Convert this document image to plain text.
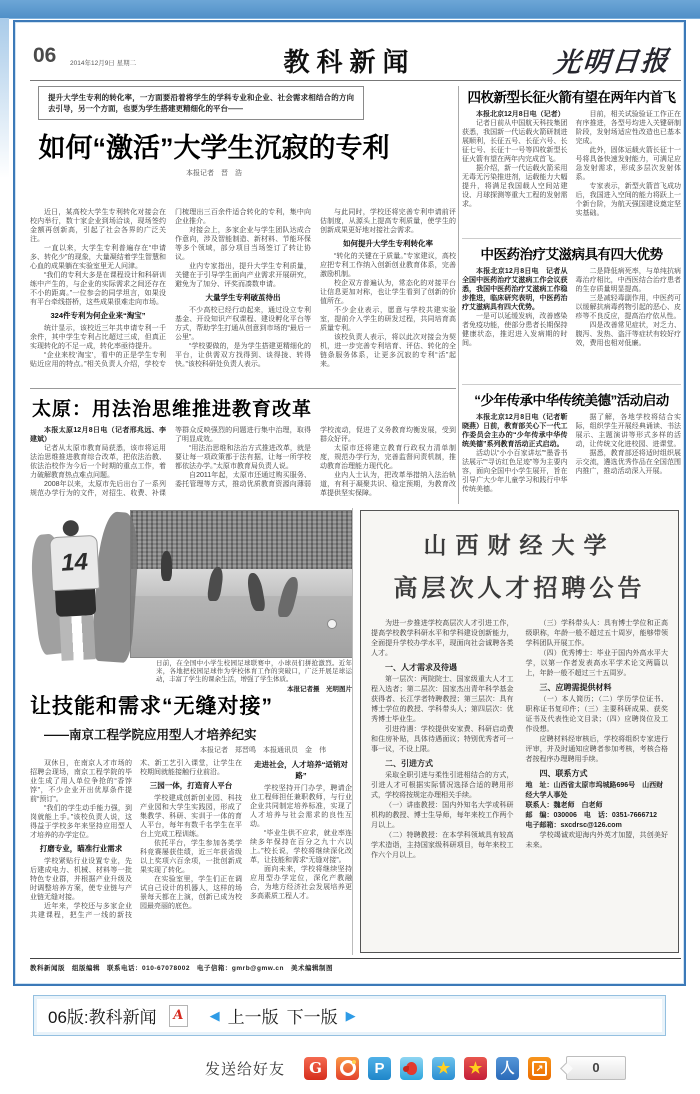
06 2014年12月9日 星期二	教科新闻	光明日报
提升大学生专利的转化率，一方面要沿着将学生的学科专业和企业、社会需求相结合的方向去引导，另一个方面，也要为学生搭建更精细化的平台——
如何“激活”大学生沉寂的专利
本报记者　晋　浩
近日，某高校大学生专利转化对接会在校内举行，数十家企业到场洽谈，现场签约金额再创新高，引起了社会各界的广泛关注。
一直以来，大学生专利普遍存在“申请多、转化少”的现象，大量凝结着学生智慧和心血的成果躺在实验室里无人问津。
“我们的专利大多是在课程设计和科研训练中产生的，与企业的实际需求之间还存在不小的距离。”一位参会的同学坦言，如果没有平台牵线搭桥，这些成果很难走向市场。
324件专利为何企业来“淘宝”
统计显示，该校近三年共申请专利一千余件，其中学生专利占比超过三成，但真正实现转化的不足一成，转化率亟待提升。
“企业来校‘淘宝’，看中的正是学生专利贴近应用的特点。”相关负责人介绍，学校专门梳理出三百余件适合转化的专利，集中向企业推介。
对接会上，多家企业与学生团队达成合作意向，涉及智能制造、新材料、节能环保等多个领域，部分项目当场签订了转让协议。
业内专家指出，提升大学生专利质量，关键在于引导学生面向产业需求开展研究，避免为了加分、评奖而凑数申请。
大量学生专利破茧待出
不少高校已经行动起来，通过设立专利基金、开设知识产权课程、建设孵化平台等方式，帮助学生打通从创意到市场的“最后一公里”。
“学校要做的，是为学生搭建更精细化的平台，让供需双方找得到、谈得拢、转得快。”该校科研处负责人表示。
与此同时，学校还将完善专利申请前评估制度，从源头上提高专利质量，使学生的创新成果更好地对接社会需求。
如何提升大学生专利转化率
“转化的关键在于质量。”专家建议，高校应把专利工作纳入创新创业教育体系，完善激励机制。
校企双方普遍认为，常态化的对接平台让信息更加对称，也让学生看到了创新的价值所在。
不少企业表示，愿意与学校共建实验室，提前介入学生的研发过程，共同培育高质量专利。
该校负责人表示，将以此次对接会为契机，进一步完善专利培育、评估、转化的全链条服务体系，让更多沉寂的专利“活”起来。
太原：用法治思维推进教育改革
本报太原12月8日电（记者邢兆远、李建斌）
记者从太原市教育局获悉，该市将运用法治思维推进教育综合改革，把依法治教、依法治校作为今后一个时期的重点工作，着力破解教育热点难点问题。
2008年以来，太原市先后出台了一系列规范办学行为的文件，对招生、收费、补课等群众反映强烈的问题进行集中治理，取得了明显成效。
“用法治思维和法治方式推进改革，就是要让每一项政策都于法有据，让每一所学校都依法办学。”太原市教育局负责人说。
自2011年起，太原市还通过购买服务、委托管理等方式，推动优质教育资源向薄弱学校流动，促进了义务教育均衡发展，受到群众好评。
太原市还将建立教育行政权力清单制度，规范办学行为，完善监督问责机制，推动教育治理能力现代化。
业内人士认为，把改革举措纳入法治轨道，有利于凝聚共识、稳定预期，为教育改革提供坚实保障。
四枚新型长征火箭有望在两年内首飞
本报北京12月8日电（记者）
记者日前从中国航天科技集团获悉，我国新一代运载火箭研制进展顺利，长征五号、长征六号、长征七号、长征十一号等四枚新型长征火箭有望在两年内完成首飞。
据介绍，新一代运载火箭采用无毒无污染推进剂，运载能力大幅提升，将满足我国载人空间站建设、月球探测等重大工程的发射需求。
目前，相关试验验证工作正在有序推进，各型号均进入关键研制阶段，发射场适应性改造也已基本完成。
此外，固体运载火箭长征十一号将具备快速发射能力，可满足应急发射需求，形成多层次发射体系。
专家表示，新型火箭首飞成功后，我国进入空间的能力将跃上一个新台阶，为航天强国建设奠定坚实基础。
中医药治疗艾滋病具有四大优势
本报北京12月8日电　记者从全国中医药治疗艾滋病工作会议获悉，我国中医药治疗艾滋病工作稳步推进，临床研究表明，中医药治疗艾滋病具有四大优势。
一是可以延缓发病，改善感染者免疫功能，使部分患者长期保持健康状态，推迟进入发病期的时间。
二是降低病死率，与单纯抗病毒治疗相比，中西医结合治疗患者的生存质量明显提高。
三是减轻毒副作用，中医药可以缓解抗病毒药物引起的恶心、皮疹等不良反应，提高治疗依从性。
四是改善常见症状，对乏力、腹泻、发热、盗汗等症状有较好疗效，费用也相对低廉。
“少年传承中华传统美德”活动启动
本报北京12月8日电（记者靳晓燕）日前，教育部关心下一代工作委员会主办的“少年传承中华传统美德”系列教育活动正式启动。
活动以“小小百家讲坛”“墨香书法展示”“寻访红色足迹”等为主要内容，面向全国中小学生展开，旨在引导广大少年儿童学习和践行中华传统美德。
据了解，各地学校将结合实际，组织学生开展经典诵读、书法展示、主题演讲等形式多样的活动，让传统文化进校园、进课堂。
据悉，教育部还将适时组织展示交流，遴选优秀作品在全国范围内推广，推动活动深入开展。
14
日前，在全国中小学生校园足球联赛中，小球员们拼抢激烈。近年来，各地把校园足球作为学校体育工作的突破口，广泛开展足球运动，丰富了学生的课余生活，增强了学生体质。
本报记者摄　光明图片
山西财经大学
高层次人才招聘公告
为进一步推进学校高层次人才引进工作，提高学校教学科研水平和学科建设创新能力，全面提升学校办学水平，现面向社会诚聘各类人才。
一、人才需求及待遇
第一层次：两院院士、国家级重大人才工程入选者；第二层次：国家杰出青年科学基金获得者、长江学者特聘教授；第三层次：具有博士学位的教授、学科带头人；第四层次：优秀博士毕业生。
引进待遇：学校提供安家费、科研启动费和住房补贴，具体待遇面议；特别优秀者可一事一议，不设上限。
二、引进方式
采取全职引进与柔性引进相结合的方式，引进人才可根据实际情况选择合适的聘用形式，学校将按规定办理相关手续。
（一）讲座教授：国内外知名大学或科研机构的教授、博士生导师，每年来校工作两个月以上。
（二）特聘教授：在本学科领域具有较高学术造诣，主持国家级科研项目，每年来校工作六个月以上。
（三）学科带头人：具有博士学位和正高级职称，年龄一般不超过五十周岁，能够带领学科团队开展工作。
（四）优秀博士：毕业于国内外高水平大学，以第一作者发表高水平学术论文两篇以上，年龄一般不超过三十五周岁。
三、应聘需提供材料
（一）本人简历；（二）学历学位证书、职称证书复印件；（三）主要科研成果、获奖证书及代表性论文目录；（四）应聘岗位及工作设想。
应聘材料经审核后，学校将组织专家进行评审，并及时通知应聘者参加考核，考核合格者按程序办理聘用手续。
四、联系方式
地　址：山西省太原市坞城路696号　山西财经大学人事处
联系人：魏老师　白老师
邮　编：030006　电　话：0351-7666712
电子邮箱：sxcdrsc@126.com
学校竭诚欢迎海内外英才加盟，共创美好未来。
让技能和需求“无缝对接”
——南京工程学院应用型人才培养纪实
本报记者　郑晋鸣　本报通讯员　金　伟
双休日，在南京人才市场的招聘会现场，南京工程学院的毕业生成了用人单位争抢的“香饽饽”，不少企业开出优厚条件提前“预订”。
“我们的学生动手能力强，到岗就能上手。”该校负责人说，这得益于学校多年来坚持应用型人才培养的办学定位。
打磨专业，瞄准行业需求
学校紧贴行业设置专业，先后建成电力、机械、材料等一批特色专业群，并根据产业升级及时调整培养方案，使专业链与产业链无缝对接。
近年来，学校还与多家企业共建课程，把生产一线的新技术、新工艺引入课堂，让学生在校期间就能接触行业前沿。
三园一体，打造育人平台
学校建成创新创业园、科技产业园和大学生实践园，形成了集教学、科研、实训于一体的育人平台，每年有数千名学生在平台上完成工程训练。
依托平台，学生参加各类学科竞赛屡获佳绩，近三年获省级以上奖项六百余项，一批创新成果实现了转化。
在实验室里，学生们正在调试自己设计的机器人，这样的场景每天都在上演，创新已成为校园最亮丽的底色。
走进社会，人才培养“适销对路”
学校坚持开门办学，聘请企业工程师担任兼职教师，与行业企业共同制定培养标准，实现了人才培养与社会需求的良性互动。
“毕业生供不应求，就业率连续多年保持在百分之九十六以上。”校长说，学校将继续深化改革，让技能和需求“无缝对接”。
面向未来，学校将继续坚持应用型办学定位，深化产教融合，为地方经济社会发展培养更多高素质工程人才。
教科新闻版　组版编辑　联系电话：010-67078002　电子信箱：gmrb@gmw.cn　美术编辑制图
06版:教科新闻 A ◀ 上一版 下一版 ▶
发送给好友 G	P	★ ★ 人	↗	0
